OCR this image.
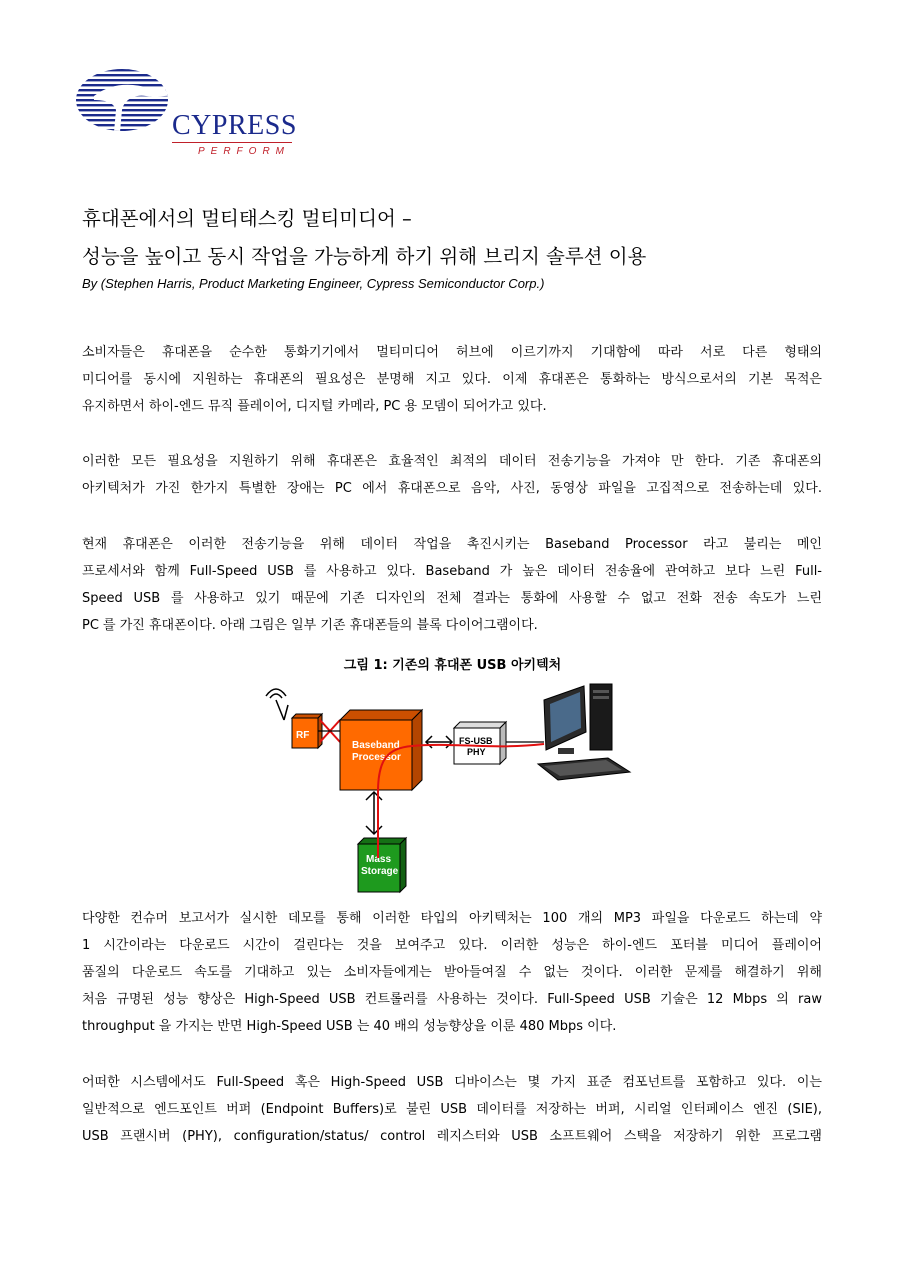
CYPRESS
PERFORM
휴대폰에서의 멀티태스킹 멀티미디어 –
성능을 높이고 동시 작업을 가능하게 하기 위해 브리지 솔루션 이용
By (Stephen Harris, Product Marketing Engineer, Cypress Semiconductor Corp.)
소비자들은 휴대폰을 순수한 통화기기에서 멀티미디어 허브에 이르기까지 기대함에 따라 서로 다른 형태의
미디어를 동시에 지원하는 휴대폰의 필요성은 분명해 지고 있다. 이제 휴대폰은 통화하는 방식으로서의 기본 목적은
유지하면서 하이-엔드 뮤직 플레이어, 디지털 카메라, PC 용 모뎀이 되어가고 있다.
이러한 모든 필요성을 지원하기 위해 휴대폰은 효율적인 최적의 데이터 전송기능을 가져야 만 한다. 기존 휴대폰의
아키텍처가 가진 한가지 특별한 장애는 PC 에서 휴대폰으로 음악, 사진, 동영상 파일을 고집적으로 전송하는데 있다.
현재 휴대폰은 이러한 전송기능을 위해 데이터 작업을 촉진시키는 Baseband Processor 라고 불리는 메인
프로세서와 함께 Full-Speed USB 를 사용하고 있다. Baseband 가 높은 데이터 전송율에 관여하고 보다 느린 Full-
Speed USB 를 사용하고 있기 때문에 기존 디자인의 전체 결과는 통화에 사용할 수 없고 전화 전송 속도가 느린
PC 를 가진 휴대폰이다. 아래 그림은 일부 기존 휴대폰들의 블록 다이어그램이다.
그림 1: 기존의 휴대폰 USB 아키텍처
RF
Baseband
Processor
FS-USB
PHY
Mass
Storage
다양한 컨슈머 보고서가 실시한 데모를 통해 이러한 타입의 아키텍처는 100 개의 MP3 파일을 다운로드 하는데 약
1 시간이라는 다운로드 시간이 걸린다는 것을 보여주고 있다. 이러한 성능은 하이-엔드 포터블 미디어 플레이어
품질의 다운로드 속도를 기대하고 있는 소비자들에게는 받아들여질 수 없는 것이다. 이러한 문제를 해결하기 위해
처음 규명된 성능 향상은 High-Speed USB 컨트롤러를 사용하는 것이다. Full-Speed USB 기술은 12 Mbps 의 raw
throughput 을 가지는 반면 High-Speed USB 는 40 배의 성능향상을 이룬 480 Mbps 이다.
어떠한 시스템에서도 Full-Speed 혹은 High-Speed USB 디바이스는 몇 가지 표준 컴포넌트를 포함하고 있다. 이는
일반적으로 엔드포인트 버퍼 (Endpoint Buffers)로 불린 USB 데이터를 저장하는 버퍼, 시리얼 인터페이스 엔진 (SIE),
USB 프랜시버 (PHY), configuration/status/ control 레지스터와 USB 소프트웨어 스택을 저장하기 위한 프로그램
